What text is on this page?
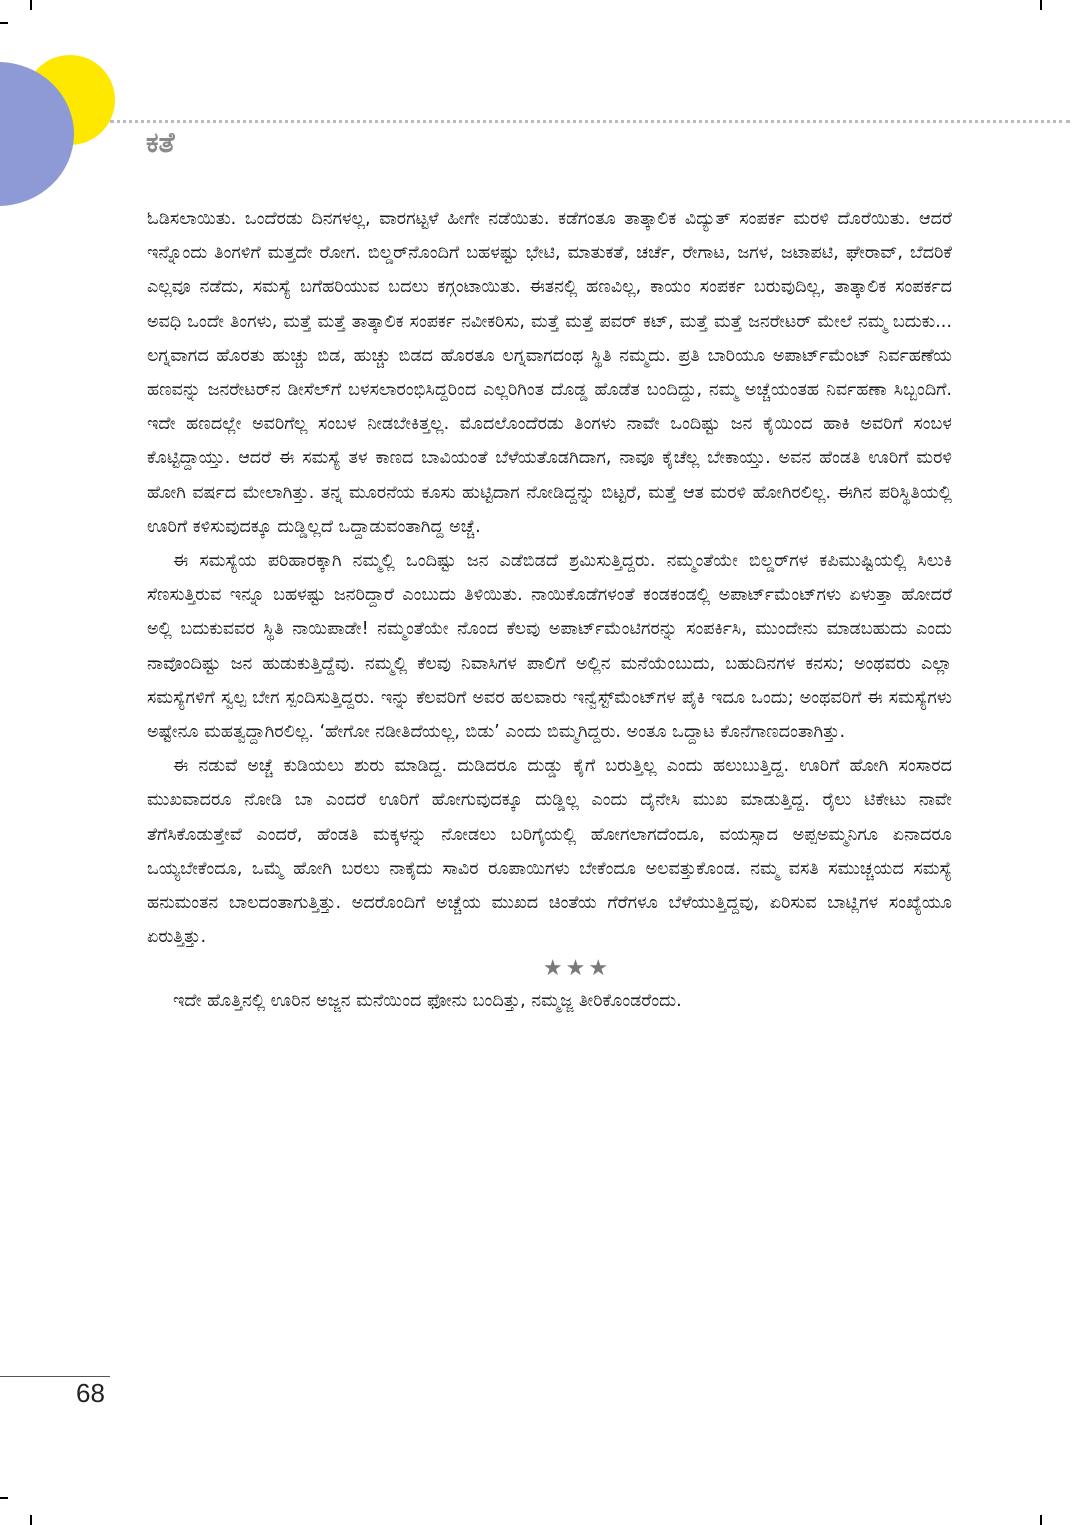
ಕತೆ

ಓಡಿಸಲಾಯಿತು. ಒಂದೆರಡು ದಿನಗಳಲ್ಲ, ವಾರಗಟ್ಟಳೆ ಹೀಗೇ ನಡೆಯಿತು. ಕಡೆಗಂತೂ ತಾತ್ಕಾಲಿಕ ವಿದ್ಯುತ್ ಸಂಪರ್ಕ ಮರಳಿ ದೊರೆಯಿತು. ಆದರೆ ಇನ್ನೊಂದು ತಿಂಗಳಿಗೆ ಮತ್ತದೇ ರೋಗ. ಬಿಲ್ಡರ್‌ನೊಂದಿಗೆ ಬಹಳಷ್ಟು ಭೇಟಿ, ಮಾತುಕತೆ, ಚರ್ಚೆ, ರೇಗಾಟ, ಜಗಳ, ಜಟಾಪಟಿ, ಘೇರಾವ್, ಬೆದರಿಕೆ ಎಲ್ಲವೂ ನಡೆದು, ಸಮಸ್ಯೆ ಬಗೆಹರಿಯುವ ಬದಲು ಕಗ್ಗಂಟಾಯಿತು. ಈತನಲ್ಲಿ ಹಣವಿಲ್ಲ, ಕಾಯಂ ಸಂಪರ್ಕ ಬರುವುದಿಲ್ಲ, ತಾತ್ಕಾಲಿಕ ಸಂಪರ್ಕದ ಅವಧಿ ಒಂದೇ ತಿಂಗಳು, ಮತ್ತೆ ಮತ್ತೆ ತಾತ್ಕಾಲಿಕ ಸಂಪರ್ಕ ನವೀಕರಿಸು, ಮತ್ತೆ ಮತ್ತೆ ಪವರ್ ಕಟ್, ಮತ್ತೆ ಮತ್ತೆ ಜನರೇಟರ್ ಮೇಲೆ ನಮ್ಮ ಬದುಕು... ಲಗ್ನವಾಗದ ಹೊರತು ಹುಚ್ಚು ಬಿಡ, ಹುಚ್ಚು ಬಿಡದ ಹೊರತೂ ಲಗ್ನವಾಗದಂಥ ಸ್ಥಿತಿ ನಮ್ಮದು. ಪ್ರತಿ ಬಾರಿಯೂ ಅಪಾರ್ಟ್‌ಮೆಂಟ್ ನಿರ್ವಹಣೆಯ ಹಣವನ್ನು ಜನರೇಟರ್‌ನ ಡೀಸೆಲ್‌ಗೆ ಬಳಸಲಾರಂಭಿಸಿದ್ದರಿಂದ ಎಲ್ಲರಿಗಿಂತ ದೊಡ್ಡ ಹೊಡೆತ ಬಂದಿದ್ದು, ನಮ್ಮ ಅಚ್ಚೆಯಂತಹ ನಿರ್ವಹಣಾ ಸಿಬ್ಬಂದಿಗೆ. ಇದೇ ಹಣದಲ್ಲೇ ಅವರಿಗೆಲ್ಲ ಸಂಬಳ ನೀಡಬೇಕಿತ್ತಲ್ಲ. ಮೊದಲೊಂದೆರಡು ತಿಂಗಳು ನಾವೇ ಒಂದಿಷ್ಟು ಜನ ಕೈಯಿಂದ ಹಾಕಿ ಅವರಿಗೆ ಸಂಬಳ ಕೊಟ್ಟಿದ್ದಾಯ್ತು. ಆದರೆ ಈ ಸಮಸ್ಯೆ ತಳ ಕಾಣದ ಬಾವಿಯಂತೆ ಬೆಳೆಯತೊಡಗಿದಾಗ, ನಾವೂ ಕೈಚೆಲ್ಲ ಬೇಕಾಯ್ತು. ಅವನ ಹೆಂಡತಿ ಊರಿಗೆ ಮರಳಿ ಹೋಗಿ ವರ್ಷದ ಮೇಲಾಗಿತ್ತು. ತನ್ನ ಮೂರನೆಯ ಕೂಸು ಹುಟ್ಟಿದಾಗ ನೋಡಿದ್ದನ್ನು ಬಿಟ್ಟರೆ, ಮತ್ತೆ ಆತ ಮರಳಿ ಹೋಗಿರಲಿಲ್ಲ. ಈಗಿನ ಪರಿಸ್ಥಿತಿಯಲ್ಲಿ ಊರಿಗೆ ಕಳಿಸುವುದಕ್ಕೂ ದುಡ್ಡಿಲ್ಲದೆ ಒದ್ದಾಡುವಂತಾಗಿದ್ದ ಅಚ್ಚೆ.

ಈ ಸಮಸ್ಯೆಯ ಪರಿಹಾರಕ್ಕಾಗಿ ನಮ್ಮಲ್ಲಿ ಒಂದಿಷ್ಟು ಜನ ಎಡೆಬಿಡದೆ ಶ್ರಮಿಸುತ್ತಿದ್ದರು. ನಮ್ಮಂತೆಯೇ ಬಿಲ್ಡರ್‌ಗಳ ಕಪಿಮುಷ್ಟಿಯಲ್ಲಿ ಸಿಲುಕಿ ಸೆಣಸುತ್ತಿರುವ ಇನ್ನೂ ಬಹಳಷ್ಟು ಜನರಿದ್ದಾರೆ ಎಂಬುದು ತಿಳಿಯಿತು. ನಾಯಿಕೊಡೆಗಳಂತೆ ಕಂಡಕಂಡಲ್ಲಿ ಅಪಾರ್ಟ್‌ಮೆಂಟ್‌ಗಳು ಏಳುತ್ತಾ ಹೋದರೆ ಅಲ್ಲಿ ಬದುಕುವವರ ಸ್ಥಿತಿ ನಾಯಿಪಾಡೇ! ನಮ್ಮಂತೆಯೇ ನೊಂದ ಕೆಲವು ಅಪಾರ್ಟ್‌ಮೆಂಟಿಗರನ್ನು ಸಂಪರ್ಕಿಸಿ, ಮುಂದೇನು ಮಾಡಬಹುದು ಎಂದು ನಾವೊಂದಿಷ್ಟು ಜನ ಹುಡುಕುತ್ತಿದ್ದೆವು. ನಮ್ಮಲ್ಲಿ ಕೆಲವು ನಿವಾಸಿಗಳ ಪಾಲಿಗೆ ಅಲ್ಲಿನ ಮನೆಯೆಂಬುದು, ಬಹುದಿನಗಳ ಕನಸು; ಅಂಥವರು ಎಲ್ಲಾ ಸಮಸ್ಯೆಗಳಿಗೆ ಸ್ವಲ್ಪ ಬೇಗ ಸ್ಪಂದಿಸುತ್ತಿದ್ದರು. ಇನ್ನು ಕೆಲವರಿಗೆ ಅವರ ಹಲವಾರು ಇನ್ವೆಸ್ಟ್‌ಮೆಂಟ್‌ಗಳ ಪೈಕಿ ಇದೂ ಒಂದು; ಅಂಥವರಿಗೆ ಈ ಸಮಸ್ಯೆಗಳು ಅಷ್ಟೇನೂ ಮಹತ್ವದ್ದಾಗಿರಲಿಲ್ಲ. ‘ಹೇಗೋ ನಡೀತಿದೆಯಲ್ಲ, ಬಿಡು’ ಎಂದು ಬಿಮ್ಮಗಿದ್ದರು. ಅಂತೂ ಒದ್ದಾಟ ಕೊನೆಗಾಣದಂತಾಗಿತ್ತು.

ಈ ನಡುವೆ ಅಚ್ಚೆ ಕುಡಿಯಲು ಶುರು ಮಾಡಿದ್ದ. ದುಡಿದರೂ ದುಡ್ಡು ಕೈಗೆ ಬರುತ್ತಿಲ್ಲ ಎಂದು ಹಲುಬುತ್ತಿದ್ದ. ಊರಿಗೆ ಹೋಗಿ ಸಂಸಾರದ ಮುಖವಾದರೂ ನೋಡಿ ಬಾ ಎಂದರೆ ಊರಿಗೆ ಹೋಗುವುದಕ್ಕೂ ದುಡ್ಡಿಲ್ಲ ಎಂದು ದೈನೇಸಿ ಮುಖ ಮಾಡುತ್ತಿದ್ದ. ರೈಲು ಟಿಕೇಟು ನಾವೇ ತೆಗೆಸಿಕೊಡುತ್ತೇವೆ ಎಂದರೆ, ಹೆಂಡತಿ ಮಕ್ಕಳನ್ನು ನೋಡಲು ಬರಿಗೈಯಲ್ಲಿ ಹೋಗಲಾಗದೆಂದೂ, ವಯಸ್ಸಾದ ಅಪ್ಪಅಮ್ಮನಿಗೂ ಏನಾದರೂ ಒಯ್ಯಬೇಕೆಂದೂ, ಒಮ್ಮೆ ಹೋಗಿ ಬರಲು ನಾಕೈದು ಸಾವಿರ ರೂಪಾಯಿಗಳು ಬೇಕೆಂದೂ ಅಲವತ್ತುಕೊಂಡ. ನಮ್ಮ ವಸತಿ ಸಮುಚ್ಚಯದ ಸಮಸ್ಯೆ ಹನುಮಂತನ ಬಾಲದಂತಾಗುತ್ತಿತ್ತು. ಅದರೊಂದಿಗೆ ಅಚ್ಚೆಯ ಮುಖದ ಚಿಂತೆಯ ಗೆರೆಗಳೂ ಬೆಳೆಯುತ್ತಿದ್ದವು, ಏರಿಸುವ ಬಾಟ್ಲಿಗಳ ಸಂಖ್ಯೆಯೂ ಏರುತ್ತಿತ್ತು.

★★★

ಇದೇ ಹೊತ್ತಿನಲ್ಲಿ ಊರಿನ ಅಜ್ಜನ ಮನೆಯಿಂದ ಫೋನು ಬಂದಿತ್ತು, ನಮ್ಮಜ್ಜ ತೀರಿಕೊಂಡರೆಂದು.

68
